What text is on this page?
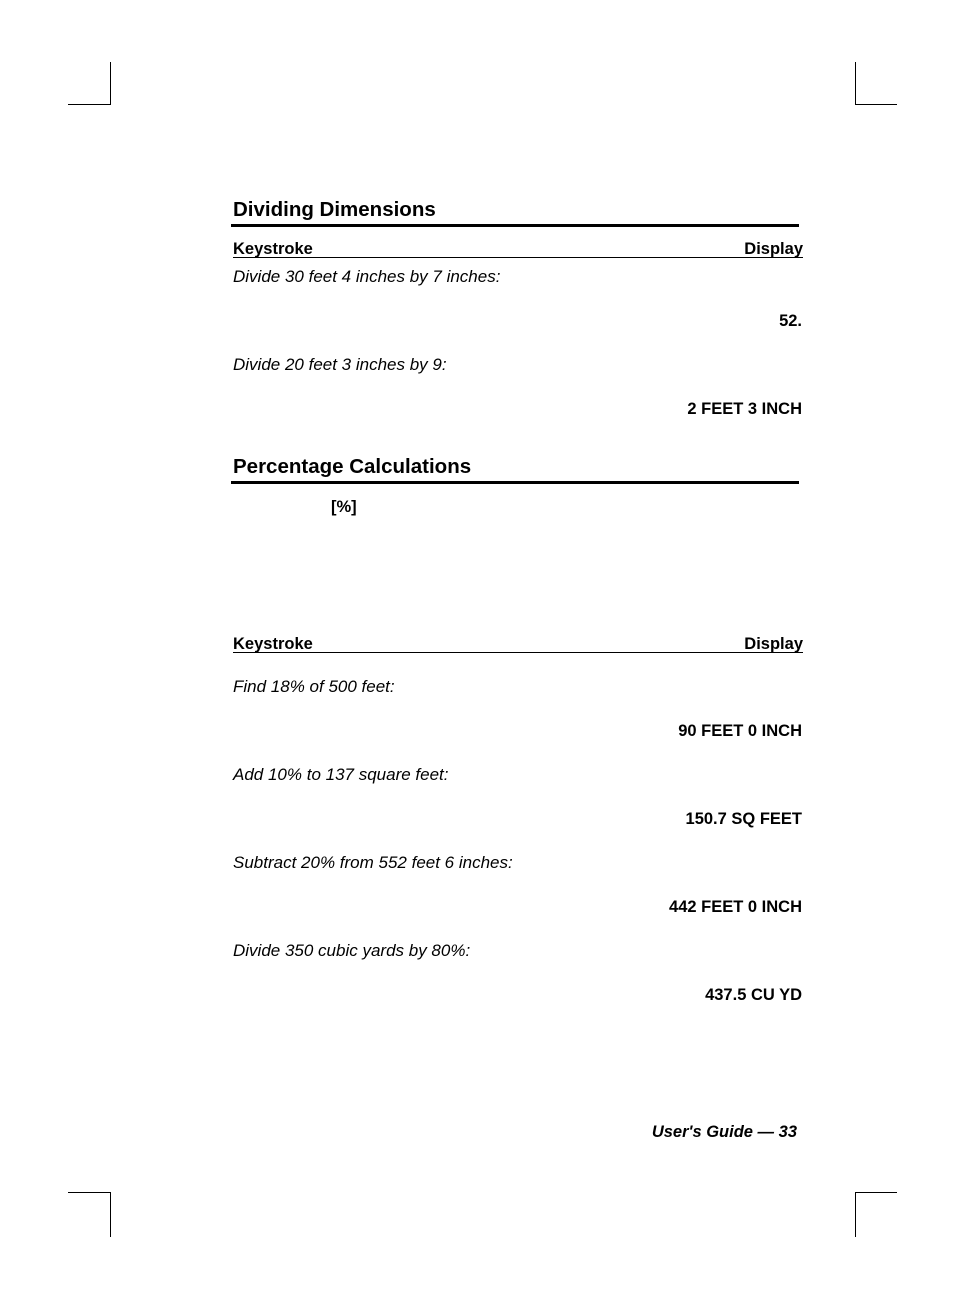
Dividing Dimensions
Keystroke	Display
Divide 30 feet 4 inches by 7 inches:
52.
Divide 20 feet 3 inches by 9:
2 FEET 3 INCH
Percentage Calculations
[%]
Keystroke	Display
Find 18% of 500 feet:
90 FEET 0 INCH
Add 10% to 137 square feet:
150.7 SQ FEET
Subtract 20% from 552 feet 6 inches:
442 FEET 0 INCH
Divide 350 cubic yards by 80%:
437.5 CU YD
User's Guide — 33
